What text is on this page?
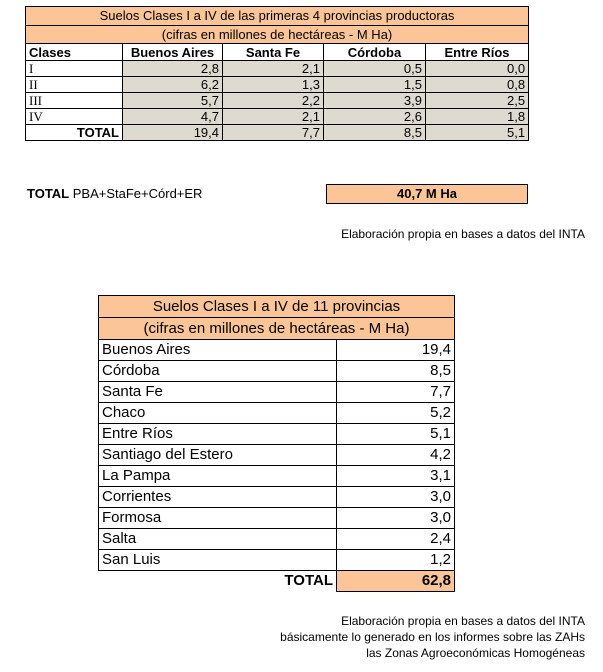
Suelos Clases I a IV de las primeras 4 provincias productoras				
(cifras en millones de hectáreas - M Ha)				
Clases	Buenos Aires	Santa Fe	Córdoba	Entre Ríos
I	2,8	2,1	0,5	0,0
II	6,2	1,3	1,5	0,8
III	5,7	2,2	3,9	2,5
IV	4,7	2,1	2,6	1,8
TOTAL	19,4	7,7	8,5	5,1
TOTAL PBA+StaFe+Córd+ER	40,7 M Ha
Elaboración propia en bases a datos del INTA
Suelos Clases I a IV de 11 provincias	
(cifras en millones de hectáreas - M Ha)	
Buenos Aires	19,4
Córdoba	8,5
Santa Fe	7,7
Chaco	5,2
Entre Ríos	5,1
Santiago del Estero	4,2
La Pampa	3,1
Corrientes	3,0
Formosa	3,0
Salta	2,4
San Luis	1,2
TOTAL	62,8
Elaboración propia en bases a datos del INTA
básicamente lo generado en los informes sobre las ZAHs
las Zonas Agroeconómicas Homogéneas
